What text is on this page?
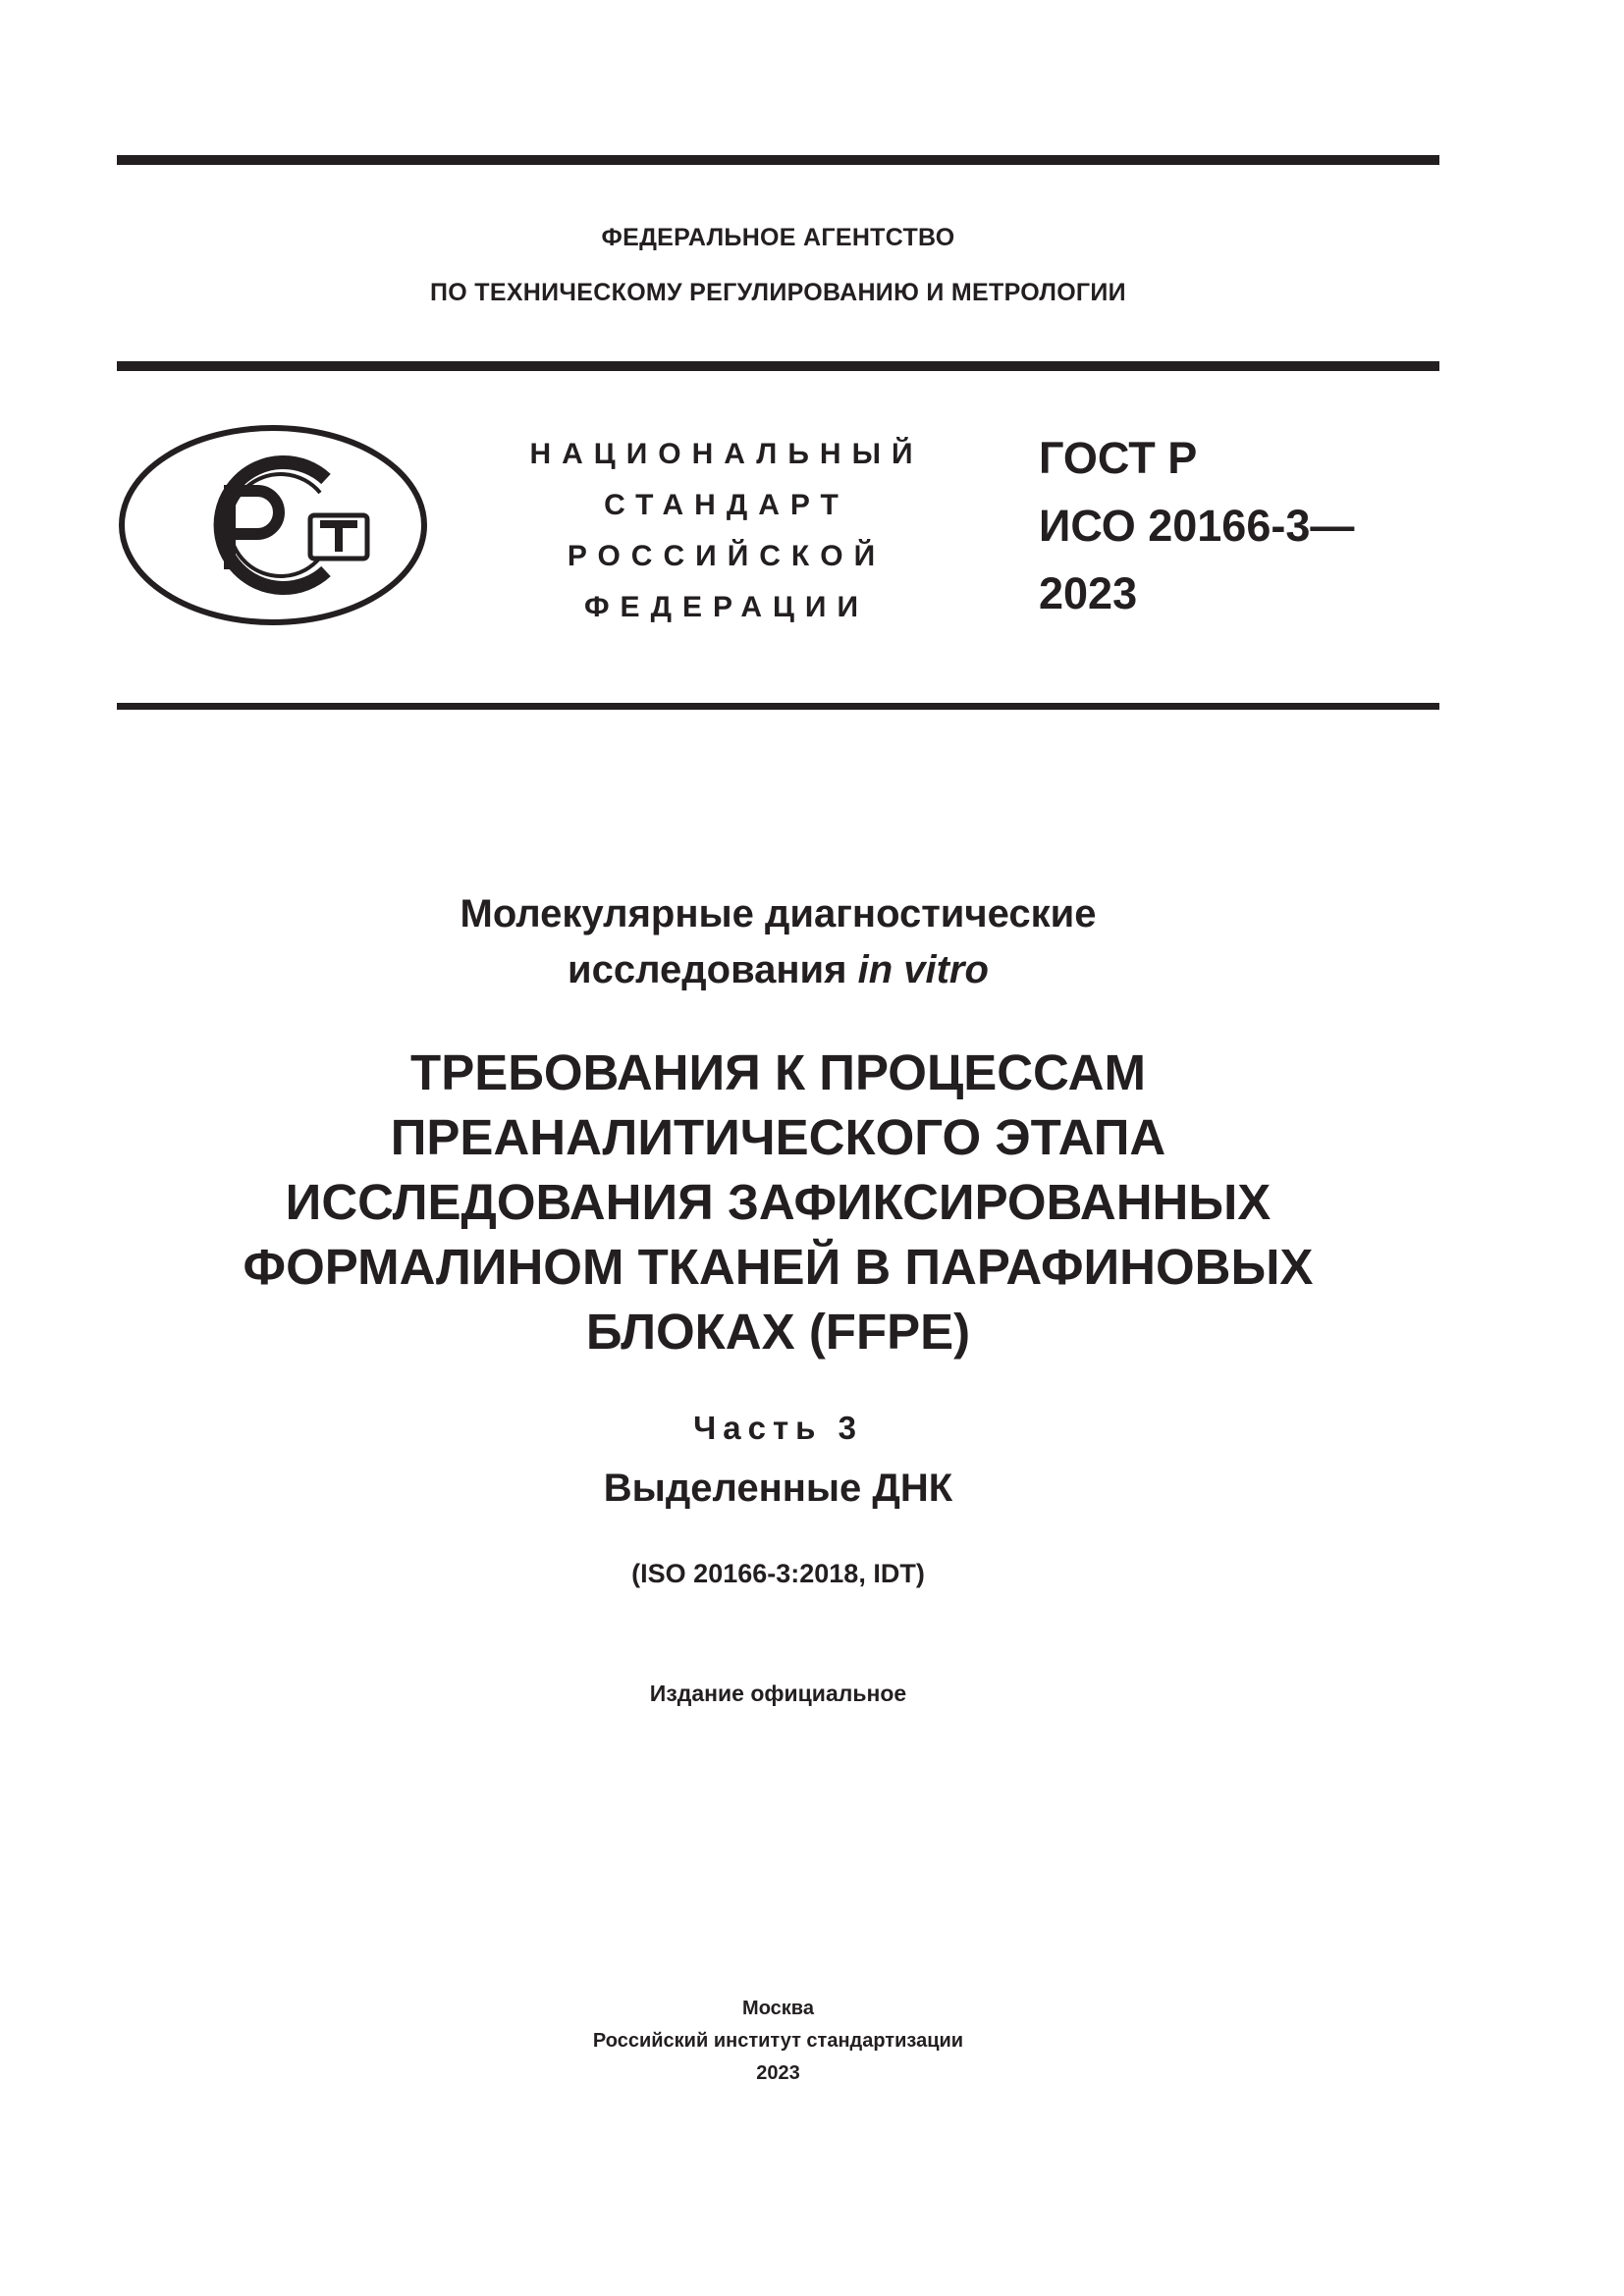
ФЕДЕРАЛЬНОЕ АГЕНТСТВО
ПО ТЕХНИЧЕСКОМУ РЕГУЛИРОВАНИЮ И МЕТРОЛОГИИ
НАЦИОНАЛЬНЫЙ
СТАНДАРТ
РОССИЙСКОЙ
ФЕДЕРАЦИИ
ГОСТ Р
ИСО 20166-3—
2023
Молекулярные диагностические
исследования in vitro
ТРЕБОВАНИЯ К ПРОЦЕССАМ
ПРЕАНАЛИТИЧЕСКОГО ЭТАПА
ИССЛЕДОВАНИЯ ЗАФИКСИРОВАННЫХ
ФОРМАЛИНОМ ТКАНЕЙ В ПАРАФИНОВЫХ
БЛОКАХ (FFPE)
Часть 3
Выделенные ДНК
(ISO 20166-3:2018, IDT)
Издание официальное
Москва
Российский институт стандартизации
2023
